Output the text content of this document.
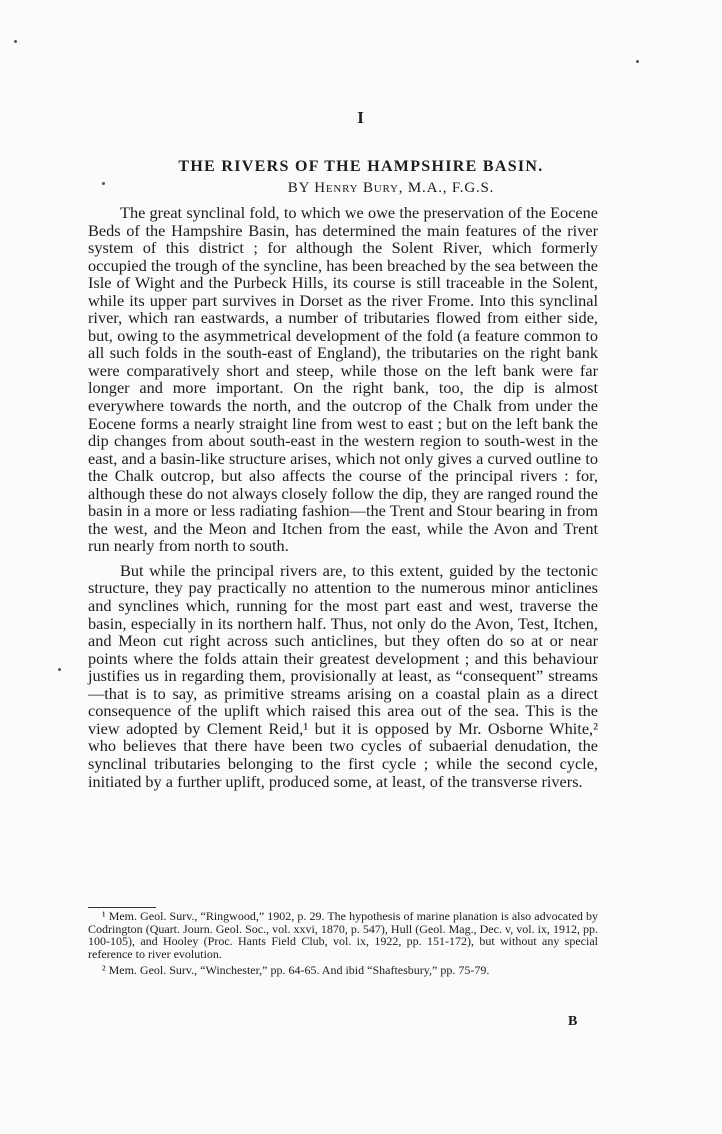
I
THE RIVERS OF THE HAMPSHIRE BASIN.
BY Henry Bury, M.A., F.G.S.

The great synclinal fold, to which we owe the preservation of the Eocene Beds of the Hampshire Basin, has determined the main features of the river system of this district ; for although the Solent River, which formerly occupied the trough of the syncline, has been breached by the sea between the Isle of Wight and the Purbeck Hills, its course is still traceable in the Solent, while its upper part survives in Dorset as the river Frome. Into this synclinal river, which ran eastwards, a number of tributaries flowed from either side, but, owing to the asymmetrical development of the fold (a feature common to all such folds in the south-east of England), the tributaries on the right bank were comparatively short and steep, while those on the left bank were far longer and more important. On the right bank, too, the dip is almost everywhere towards the north, and the outcrop of the Chalk from under the Eocene forms a nearly straight line from west to east ; but on the left bank the dip changes from about south-east in the western region to south-west in the east, and a basin-like structure arises, which not only gives a curved outline to the Chalk outcrop, but also affects the course of the principal rivers : for, although these do not always closely follow the dip, they are ranged round the basin in a more or less radiating fashion—the Trent and Stour bearing in from the west, and the Meon and Itchen from the east, while the Avon and Trent run nearly from north to south.

But while the principal rivers are, to this extent, guided by the tectonic structure, they pay practically no attention to the numerous minor anticlines and synclines which, running for the most part east and west, traverse the basin, especially in its northern half. Thus, not only do the Avon, Test, Itchen, and Meon cut right across such anticlines, but they often do so at or near points where the folds attain their greatest development ; and this behaviour justifies us in regarding them, provisionally at least, as “consequent” streams—that is to say, as primitive streams arising on a coastal plain as a direct consequence of the uplift which raised this area out of the sea. This is the view adopted by Clement Reid,¹ but it is opposed by Mr. Osborne White,² who believes that there have been two cycles of subaerial denudation, the synclinal tributaries belonging to the first cycle ; while the second cycle, initiated by a further uplift, produced some, at least, of the transverse rivers.

¹ Mem. Geol. Surv., “Ringwood,” 1902, p. 29. The hypothesis of marine planation is also advocated by Codrington (Quart. Journ. Geol. Soc., vol. xxvi, 1870, p. 547), Hull (Geol. Mag., Dec. v, vol. ix, 1912, pp. 100-105), and Hooley (Proc. Hants Field Club, vol. ix, 1922, pp. 151-172), but without any special reference to river evolution.

² Mem. Geol. Surv., “Winchester,” pp. 64-65. And ibid “Shaftesbury,” pp. 75-79.

B
